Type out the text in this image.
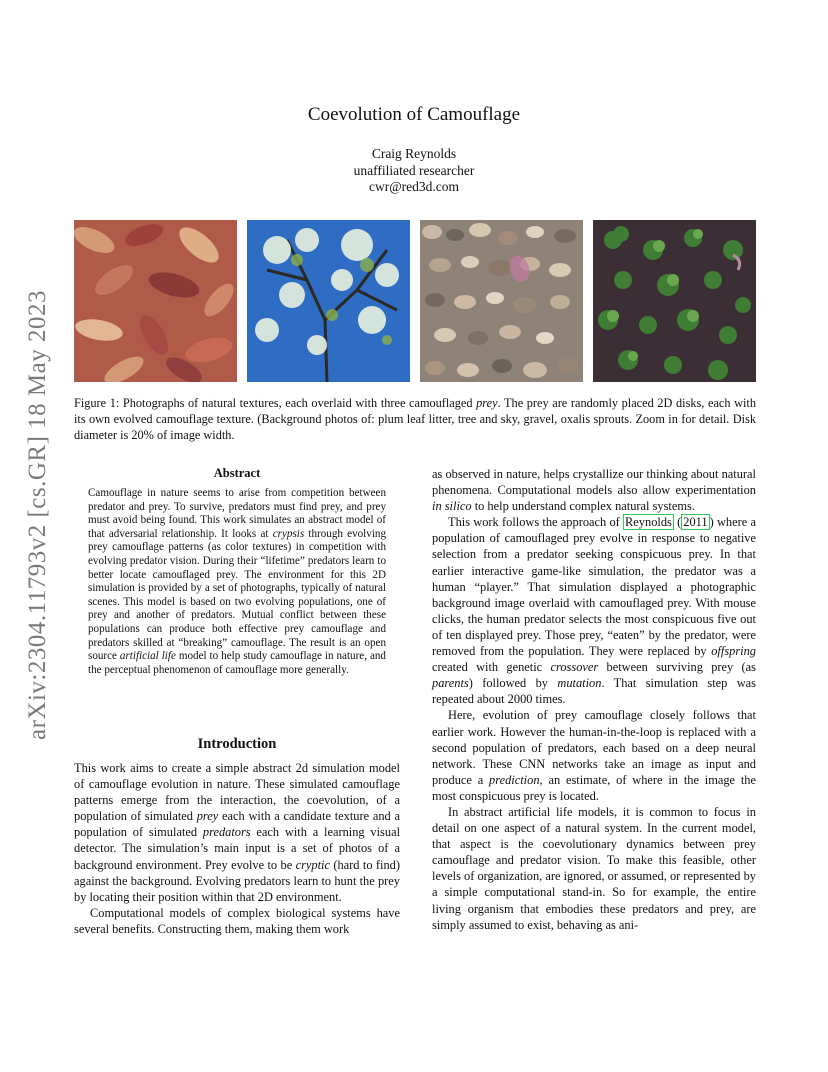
arXiv:2304.11793v2 [cs.GR] 18 May 2023
Coevolution of Camouflage
Craig Reynolds
unaffiliated researcher
cwr@red3d.com
Figure 1: Photographs of natural textures, each overlaid with three camouflaged prey. The prey are randomly placed 2D disks, each with its own evolved camouflage texture. (Background photos of: plum leaf litter, tree and sky, gravel, oxalis sprouts. Zoom in for detail. Disk diameter is 20% of image width.
Abstract
Camouflage in nature seems to arise from competition between predator and prey. To survive, predators must find prey, and prey must avoid being found. This work simulates an abstract model of that adversarial relationship. It looks at crypsis through evolving prey camouflage patterns (as color textures) in competition with evolving predator vision. During their “lifetime” predators learn to better locate camouflaged prey. The environment for this 2D simulation is provided by a set of photographs, typically of natural scenes. This model is based on two evolving populations, one of prey and another of predators. Mutual conflict between these populations can produce both effective prey camouflage and predators skilled at “breaking” camouflage. The result is an open source artificial life model to help study camouflage in nature, and the perceptual phenomenon of camouflage more generally.
Introduction

This work aims to create a simple abstract 2d simulation model of camouflage evolution in nature. These simulated camouflage patterns emerge from the interaction, the coevolution, of a population of simulated prey each with a candidate texture and a population of simulated predators each with a learning visual detector. The simulation’s main input is a set of photos of a background environment. Prey evolve to be cryptic (hard to find) against the background. Evolving predators learn to hunt the prey by locating their position within that 2D environment.

Computational models of complex biological systems have several benefits. Constructing them, making them work

as observed in nature, helps crystallize our thinking about natural phenomena. Computational models also allow experimentation in silico to help understand complex natural systems.

This work follows the approach of Reynolds ( 2011 ) where a population of camouflaged prey evolve in response to negative selection from a predator seeking conspicuous prey. In that earlier interactive game-like simulation, the predator was a human “player.” That simulation displayed a photographic background image overlaid with camouflaged prey. With mouse clicks, the human predator selects the most conspicuous five out of ten displayed prey. Those prey, “eaten” by the predator, were removed from the population. They were replaced by offspring created with genetic crossover between surviving prey (as parents) followed by mutation. That simulation step was repeated about 2000 times.

Here, evolution of prey camouflage closely follows that earlier work. However the human-in-the-loop is replaced with a second population of predators, each based on a deep neural network. These CNN networks take an image as input and produce a prediction, an estimate, of where in the image the most conspicuous prey is located.

In abstract artificial life models, it is common to focus in detail on one aspect of a natural system. In the current model, that aspect is the coevolutionary dynamics between prey camouflage and predator vision. To make this feasible, other levels of organization, are ignored, or assumed, or represented by a simple computational stand-in. So for example, the entire living organism that embodies these predators and prey, are simply assumed to exist, behaving as ani-
